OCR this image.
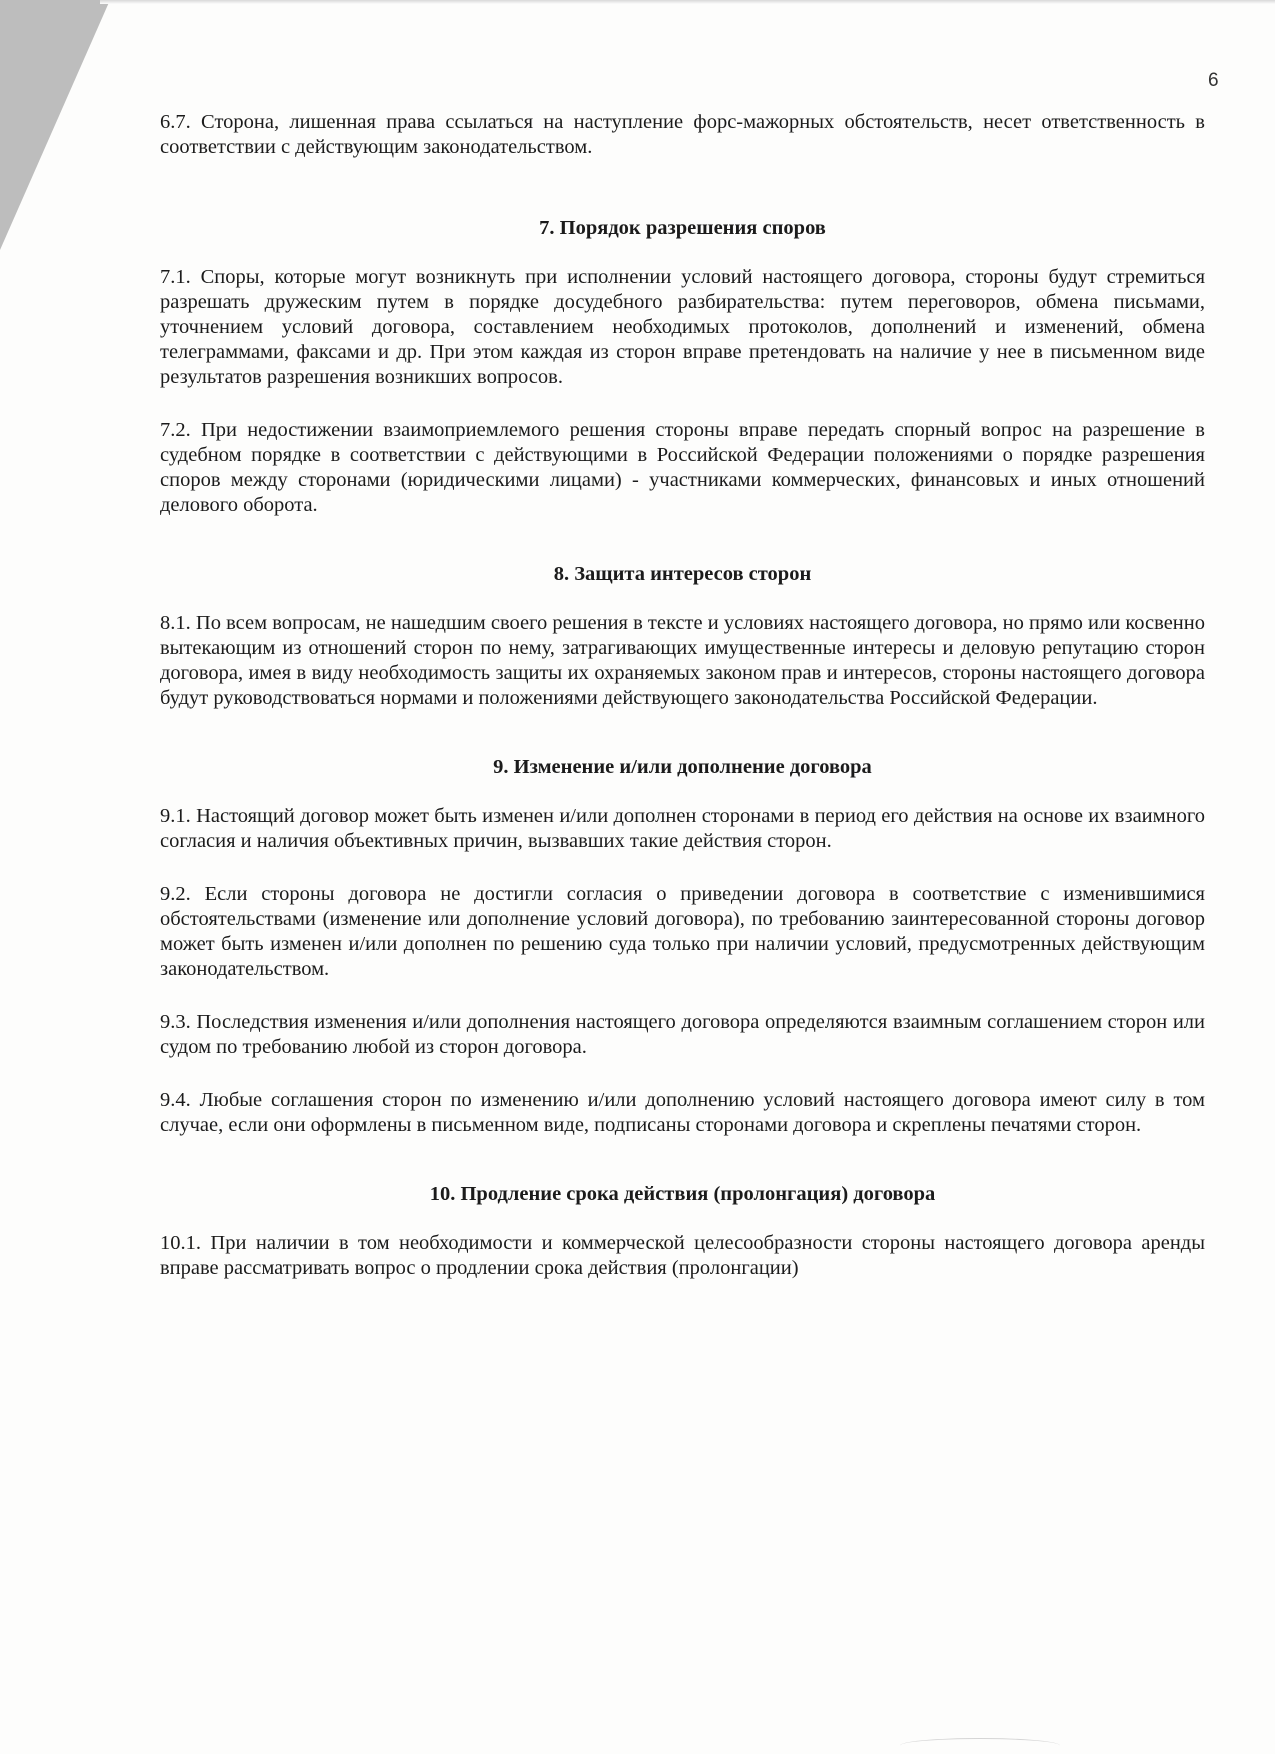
6

6.7. Сторона, лишенная права ссылаться на наступление форс-мажорных обстоятельств, несет ответственность в соответствии с действующим законодательством.

7. Порядок разрешения споров

7.1. Споры, которые могут возникнуть при исполнении условий настоящего договора, стороны будут стремиться разрешать дружеским путем в порядке досудебного разбирательства: путем переговоров, обмена письмами, уточнением условий договора, составлением необходимых протоколов, дополнений и изменений, обмена телеграммами, факсами и др. При этом каждая из сторон вправе претендовать на наличие у нее в письменном виде результатов разрешения возникших вопросов.

7.2. При недостижении взаимоприемлемого решения стороны вправе передать спорный вопрос на разрешение в судебном порядке в соответствии с действующими в Российской Федерации положениями о порядке разрешения споров между сторонами (юридическими лицами) - участниками коммерческих, финансовых и иных отношений делового оборота.

8. Защита интересов сторон

8.1. По всем вопросам, не нашедшим своего решения в тексте и условиях настоящего договора, но прямо или косвенно вытекающим из отношений сторон по нему, затрагивающих имущественные интересы и деловую репутацию сторон договора, имея в виду необходимость защиты их охраняемых законом прав и интересов, стороны настоящего договора будут руководствоваться нормами и положениями действующего законодательства Российской Федерации.

9. Изменение и/или дополнение договора

9.1. Настоящий договор может быть изменен и/или дополнен сторонами в период его действия на основе их взаимного согласия и наличия объективных причин, вызвавших такие действия сторон.

9.2. Если стороны договора не достигли согласия о приведении договора в соответствие с изменившимися обстоятельствами (изменение или дополнение условий договора), по требованию заинтересованной стороны договор может быть изменен и/или дополнен по решению суда только при наличии условий, предусмотренных действующим законодательством.

9.3. Последствия изменения и/или дополнения настоящего договора определяются взаимным соглашением сторон или судом по требованию любой из сторон договора.

9.4. Любые соглашения сторон по изменению и/или дополнению условий настоящего договора имеют силу в том случае, если они оформлены в письменном виде, подписаны сторонами договора и скреплены печатями сторон.

10. Продление срока действия (пролонгация) договора

10.1. При наличии в том необходимости и коммерческой целесообразности стороны настоящего договора аренды вправе рассматривать вопрос о продлении срока действия (пролонгации)
